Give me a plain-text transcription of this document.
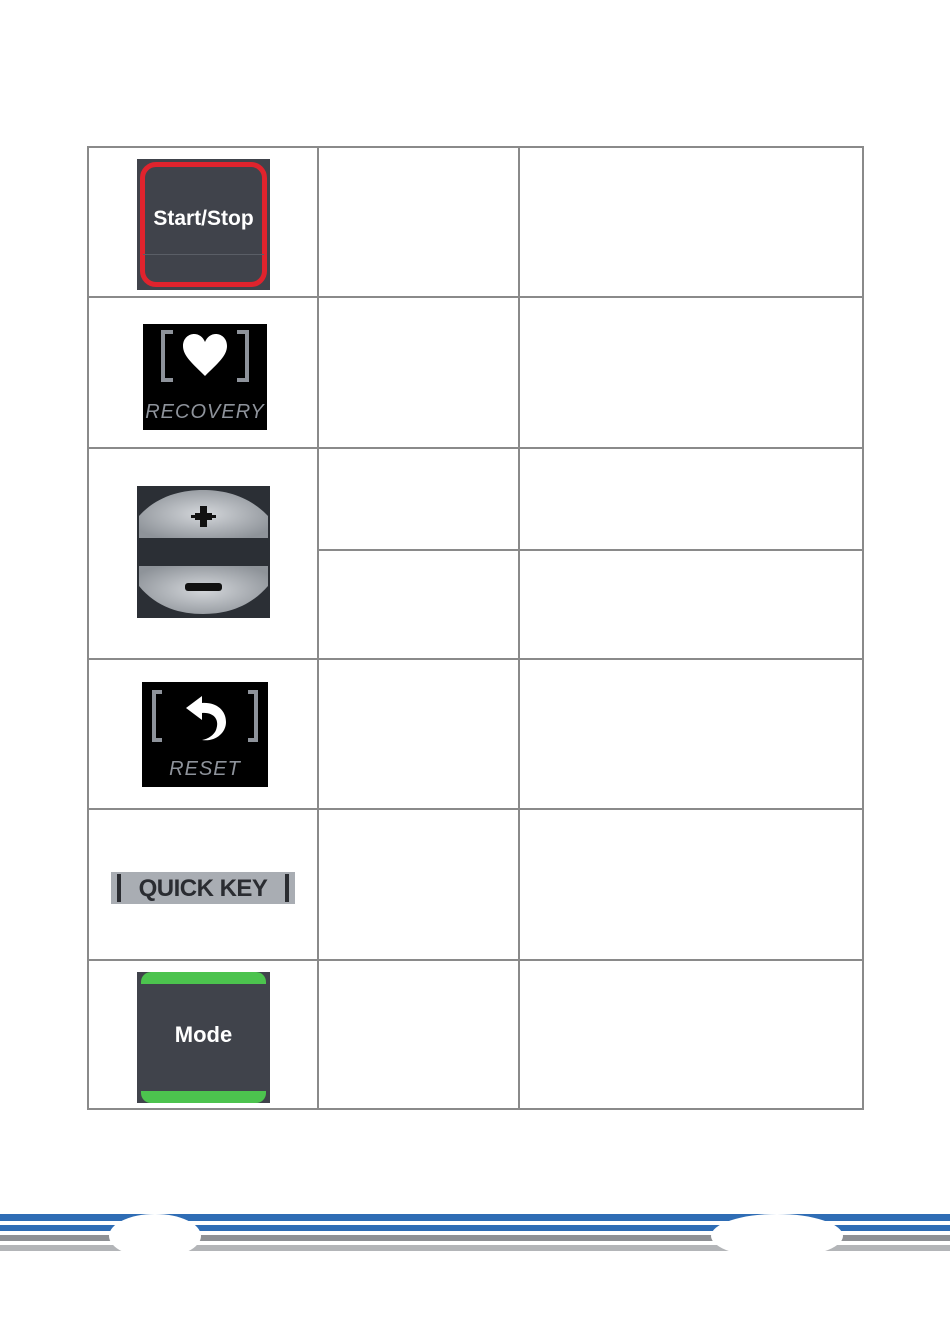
Start/Stop
RECOVERY
RESET
QUICK KEY
Mode
